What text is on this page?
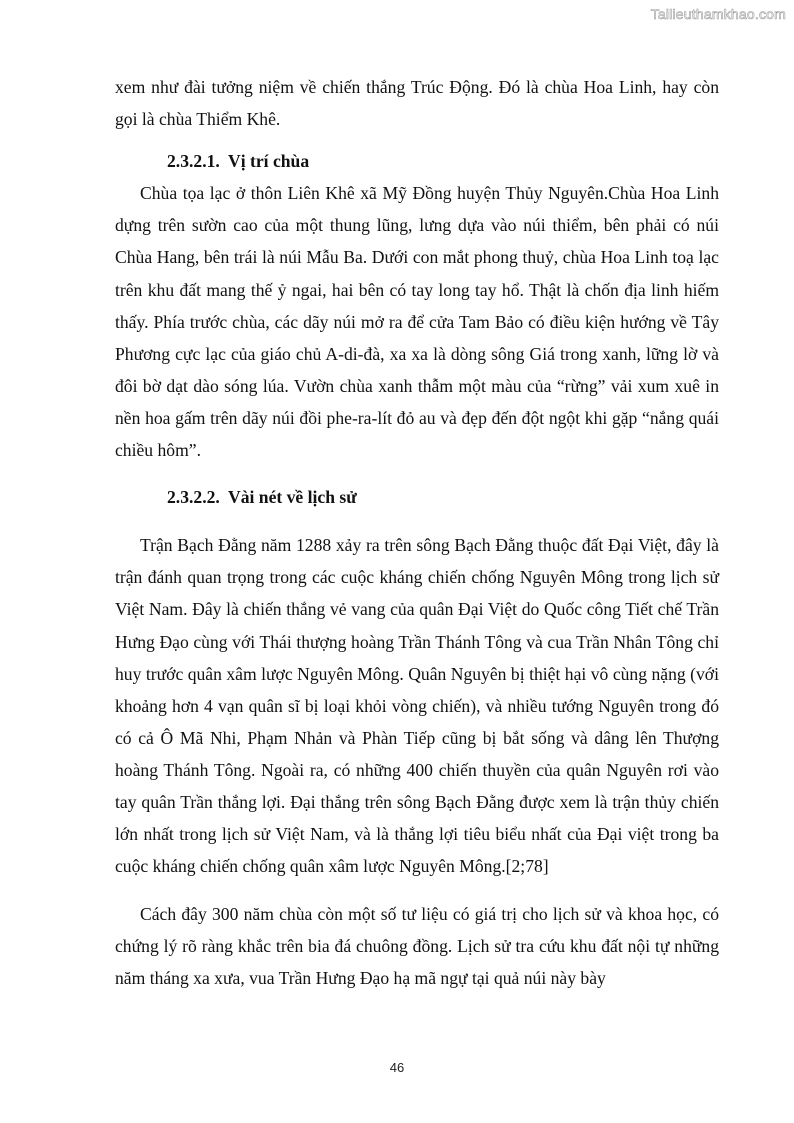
Tailieuthamkhao.com

xem như đài tưởng niệm về chiến thắng Trúc Động. Đó là chùa Hoa Linh, hay còn gọi là chùa Thiểm Khê.

2.3.2.1. Vị trí chùa

Chùa tọa lạc ở thôn Liên Khê xã Mỹ Đồng huyện Thủy Nguyên.Chùa Hoa Linh dựng trên sườn cao của một thung lũng, lưng dựa vào núi thiểm, bên phải có núi Chùa Hang, bên trái là núi Mẫu Ba. Dưới con mắt phong thuỷ, chùa Hoa Linh toạ lạc trên khu đất mang thế ỷ ngai, hai bên có tay long tay hổ. Thật là chốn địa linh hiếm thấy. Phía trước chùa, các dãy núi mở ra để cửa Tam Bảo có điều kiện hướng về Tây Phương cực lạc của giáo chủ A-di-đà, xa xa là dòng sông Giá trong xanh, lững lờ và đôi bờ dạt dào sóng lúa. Vườn chùa xanh thẫm một màu của “rừng” vải xum xuê in nền hoa gấm trên dãy núi đồi phe-ra-lít đỏ au và đẹp đến đột ngột khi gặp “nắng quái chiều hôm”.

2.3.2.2. Vài nét về lịch sử

Trận Bạch Đằng năm 1288 xảy ra trên sông Bạch Đằng thuộc đất Đại Việt, đây là trận đánh quan trọng trong các cuộc kháng chiến chống Nguyên Mông trong lịch sử Việt Nam. Đây là chiến thắng vẻ vang của quân Đại Việt do Quốc công Tiết chế Trần Hưng Đạo cùng với Thái thượng hoàng Trần Thánh Tông và cua Trần Nhân Tông chỉ huy trước quân xâm lược Nguyên Mông. Quân Nguyên bị thiệt hại vô cùng nặng (với khoảng hơn 4 vạn quân sĩ bị loại khỏi vòng chiến), và nhiều tướng Nguyên trong đó có cả Ô Mã Nhi, Phạm Nhản và Phàn Tiếp cũng bị bắt sống và dâng lên Thượng hoàng Thánh Tông. Ngoài ra, có những 400 chiến thuyền của quân Nguyên rơi vào tay quân Trần thắng lợi. Đại thắng trên sông Bạch Đằng được xem là trận thủy chiến lớn nhất trong lịch sử Việt Nam, và là thắng lợi tiêu biểu nhất của Đại việt trong ba cuộc kháng chiến chống quân xâm lược Nguyên Mông.[2;78]

Cách đây 300 năm chùa còn một số tư liệu có giá trị cho lịch sử và khoa học, có chứng lý rõ ràng khắc trên bia đá chuông đồng. Lịch sử tra cứu khu đất nội tự những năm tháng xa xưa, vua Trần Hưng Đạo hạ mã ngự tại quả núi này bày

46
